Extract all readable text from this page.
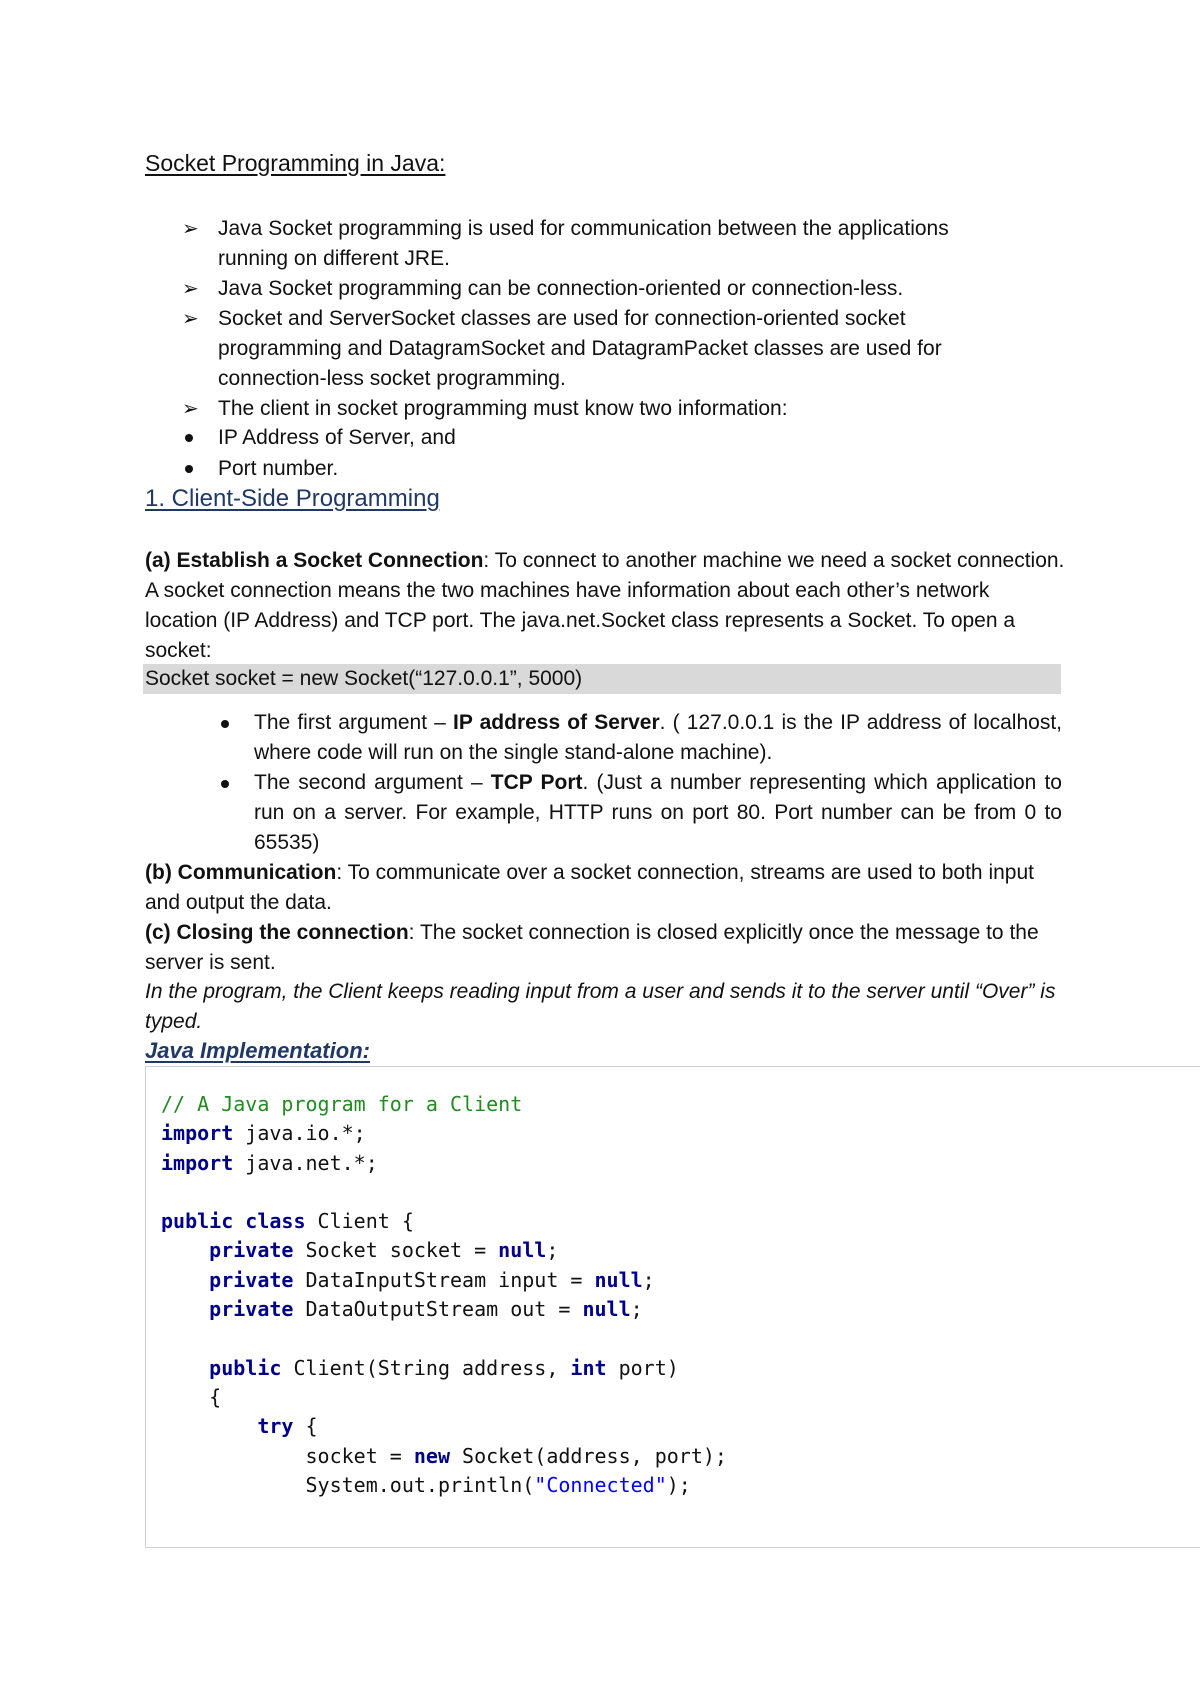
Socket Programming in Java:
➢ Java Socket programming is used for communication between the applications running on different JRE.
➢ Java Socket programming can be connection-oriented or connection-less.
➢ Socket and ServerSocket classes are used for connection-oriented socket programming and DatagramSocket and DatagramPacket classes are used for connection-less socket programming.
➢ The client in socket programming must know two information:
IP Address of Server, and
Port number.
1. Client-Side Programming

(a) Establish a Socket Connection: To connect to another machine we need a socket connection. A socket connection means the two machines have information about each other’s network location (IP Address) and TCP port. The java.net.Socket class represents a Socket. To open a socket:

Socket socket = new Socket(“127.0.0.1”, 5000)
The first argument – IP address of Server. ( 127.0.0.1 is the IP address of localhost, where code will run on the single stand-alone machine).
The second argument – TCP Port. (Just a number representing which application to run on a server. For example, HTTP runs on port 80. Port number can be from 0 to 65535)

(b) Communication: To communicate over a socket connection, streams are used to both input and output the data.

(c) Closing the connection: The socket connection is closed explicitly once the message to the server is sent.

In the program, the Client keeps reading input from a user and sends it to the server until “Over” is typed.

Java Implementation:
// A Java program for a Client
import java.io.*;
import java.net.*;

public class Client {
private Socket socket = null;
private DataInputStream input = null;
private DataOutputStream out = null;

public Client(String address, int port)
{
try {
socket = new Socket(address, port);
System.out.println("Connected");
